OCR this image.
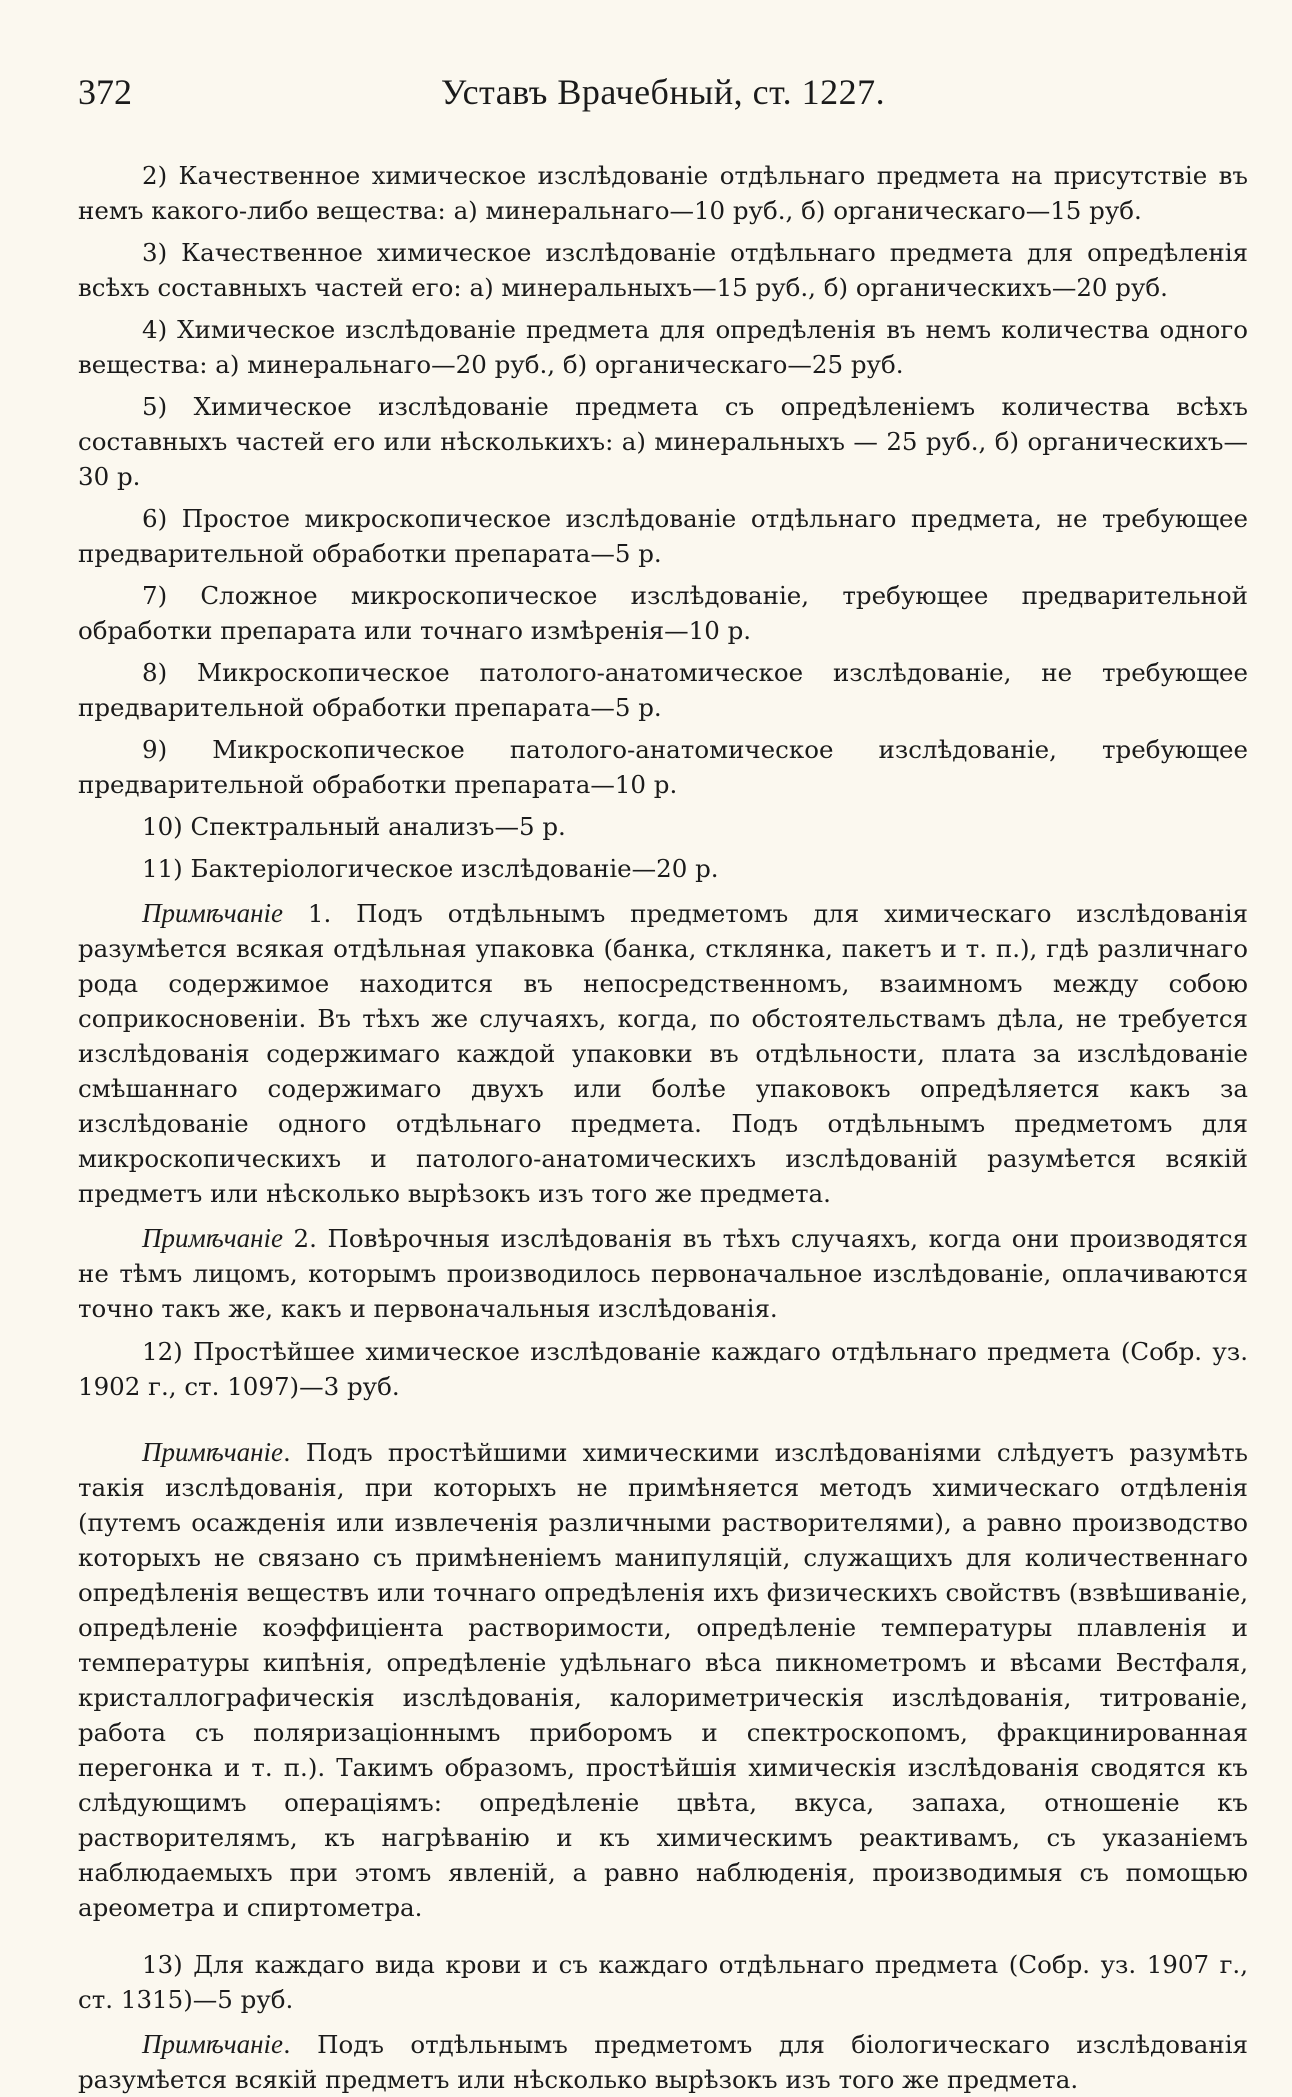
372	Уставъ Врачебный, ст. 1227.

2) Качественное химическое изслѣдованіе отдѣльнаго предмета на присутствіе въ немъ какого-либо вещества: а) минеральнаго—10 руб., б) органическаго—15 руб.

3) Качественное химическое изслѣдованіе отдѣльнаго предмета для опредѣленія всѣхъ составныхъ частей его: а) минеральныхъ—15 руб., б) органическихъ—20 руб.

4) Химическое изслѣдованіе предмета для опредѣленія въ немъ количества одного вещества: а) минеральнаго—20 руб., б) органическаго—25 руб.

5) Химическое изслѣдованіе предмета съ опредѣленіемъ количества всѣхъ составныхъ частей его или нѣсколькихъ: а) минеральныхъ — 25 руб., б) органическихъ—30 р.

6) Простое микроскопическое изслѣдованіе отдѣльнаго предмета, не требующее предварительной обработки препарата—5 р.

7) Сложное микроскопическое изслѣдованіе, требующее предварительной обработки препарата или точнаго измѣренія—10 р.

8) Микроскопическое патолого-анатомическое изслѣдованіе, не требующее предварительной обработки препарата—5 р.

9) Микроскопическое патолого-анатомическое изслѣдованіе, требующее предварительной обработки препарата—10 р.

10) Спектральный анализъ—5 р.

11) Бактеріологическое изслѣдованіе—20 р.

Примѣчаніе 1. Подъ отдѣльнымъ предметомъ для химическаго изслѣдованія разумѣется всякая отдѣльная упаковка (банка, стклянка, пакетъ и т. п.), гдѣ различнаго рода содержимое находится въ непосредственномъ, взаимномъ между собою соприкосновеніи. Въ тѣхъ же случаяхъ, когда, по обстоятельствамъ дѣла, не требуется изслѣдованія содержимаго каждой упаковки въ отдѣльности, плата за изслѣдованіе смѣшаннаго содержимаго двухъ или болѣе упаковокъ опредѣляется какъ за изслѣдованіе одного отдѣльнаго предмета. Подъ отдѣльнымъ предметомъ для микроскопическихъ и патолого-анатомическихъ изслѣдованій разумѣется всякій предметъ или нѣсколько вырѣзокъ изъ того же предмета.

Примѣчаніе 2. Повѣрочныя изслѣдованія въ тѣхъ случаяхъ, когда они производятся не тѣмъ лицомъ, которымъ производилось первоначальное изслѣдованіе, оплачиваются точно такъ же, какъ и первоначальныя изслѣдованія.

12) Простѣйшее химическое изслѣдованіе каждаго отдѣльнаго предмета (Собр. уз. 1902 г., ст. 1097)—3 руб.

Примѣчаніе. Подъ простѣйшими химическими изслѣдованіями слѣдуетъ разумѣть такія изслѣдованія, при которыхъ не примѣняется методъ химическаго отдѣленія (путемъ осажденія или извлеченія различными растворителями), а равно производство которыхъ не связано съ примѣненіемъ манипуляцій, служащихъ для количественнаго опредѣленія веществъ или точнаго опредѣленія ихъ физическихъ свойствъ (взвѣшиваніе, опредѣленіе коэффиціента растворимости, опредѣленіе температуры плавленія и температуры кипѣнія, опредѣленіе удѣльнаго вѣса пикнометромъ и вѣсами Вестфаля, кристаллографическія изслѣдованія, калориметрическія изслѣдованія, титрованіе, работа съ поляризаціоннымъ приборомъ и спектроскопомъ, фракцинированная перегонка и т. п.). Такимъ образомъ, простѣйшія химическія изслѣдованія сводятся къ слѣдующимъ операціямъ: опредѣленіе цвѣта, вкуса, запаха, отношеніе къ растворителямъ, къ нагрѣванію и къ химическимъ реактивамъ, съ указаніемъ наблюдаемыхъ при этомъ явленій, а равно наблюденія, производимыя съ помощью ареометра и спиртометра.

13) Для каждаго вида крови и съ каждаго отдѣльнаго предмета (Собр. уз. 1907 г., ст. 1315)—5 руб.

Примѣчаніе. Подъ отдѣльнымъ предметомъ для біологическаго изслѣдованія разумѣется всякій предметъ или нѣсколько вырѣзокъ изъ того же предмета.
